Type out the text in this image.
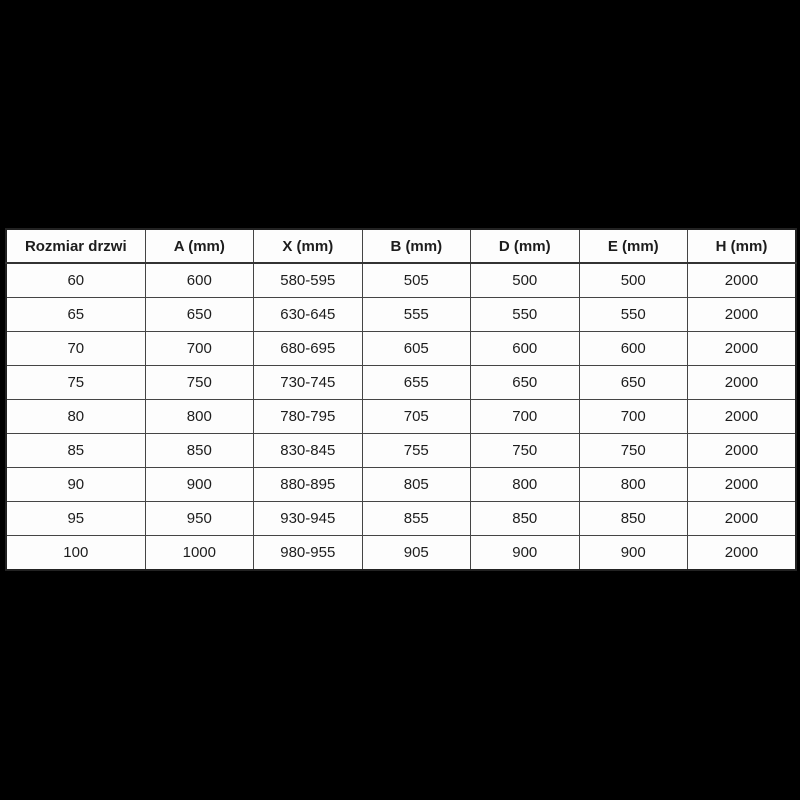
Rozmiar drzwi	A (mm)	X (mm)	B (mm)	D (mm)	E (mm)	H (mm)
60	600	580-595	505	500	500	2000
65	650	630-645	555	550	550	2000
70	700	680-695	605	600	600	2000
75	750	730-745	655	650	650	2000
80	800	780-795	705	700	700	2000
85	850	830-845	755	750	750	2000
90	900	880-895	805	800	800	2000
95	950	930-945	855	850	850	2000
100	1000	980-955	905	900	900	2000
